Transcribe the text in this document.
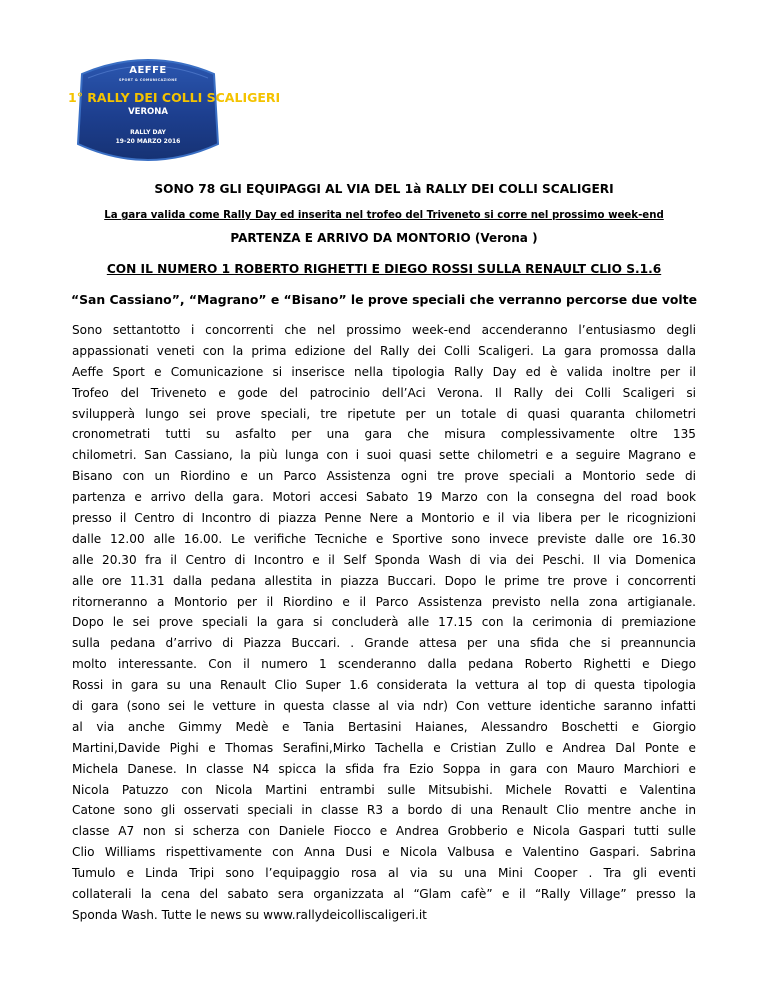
AEFFE
SPORT & COMUNICAZIONE
1° RALLY DEI COLLI SCALIGERI
VERONA
RALLY DAY
19-20 MARZO 2016
SONO 78 GLI EQUIPAGGI AL VIA DEL 1à RALLY DEI COLLI SCALIGERI
La gara valida come Rally Day ed inserita nel trofeo del Triveneto si corre nel prossimo week-end
PARTENZA E ARRIVO DA MONTORIO (Verona )
CON IL NUMERO 1 ROBERTO RIGHETTI E DIEGO ROSSI SULLA RENAULT CLIO S.1.6
“San Cassiano”, “Magrano” e “Bisano” le prove speciali che verranno percorse due volte
Sono settantotto i concorrenti che nel prossimo week-end accenderanno l’entusiasmo degli
appassionati veneti con la prima edizione del Rally dei Colli Scaligeri. La gara promossa dalla
Aeffe Sport e Comunicazione si inserisce nella tipologia Rally Day ed è valida inoltre per il
Trofeo del Triveneto e gode del patrocinio dell’Aci Verona. Il Rally dei Colli Scaligeri si
svilupperà lungo sei prove speciali, tre ripetute per un totale di quasi quaranta chilometri
cronometrati tutti su asfalto per una gara che misura complessivamente oltre 135
chilometri. San Cassiano, la più lunga con i suoi quasi sette chilometri e a seguire Magrano e
Bisano con un Riordino e un Parco Assistenza ogni tre prove speciali a Montorio sede di
partenza e arrivo della gara. Motori accesi Sabato 19 Marzo con la consegna del road book
presso il Centro di Incontro di piazza Penne Nere a Montorio e il via libera per le ricognizioni
dalle 12.00 alle 16.00. Le verifiche Tecniche e Sportive sono invece previste dalle ore 16.30
alle 20.30 fra il Centro di Incontro e il Self Sponda Wash di via dei Peschi. Il via Domenica
alle ore 11.31 dalla pedana allestita in piazza Buccari. Dopo le prime tre prove i concorrenti
ritorneranno a Montorio per il Riordino e il Parco Assistenza previsto nella zona artigianale.
Dopo le sei prove speciali la gara si concluderà alle 17.15 con la cerimonia di premiazione
sulla pedana d’arrivo di Piazza Buccari. . Grande attesa per una sfida che si preannuncia
molto interessante. Con il numero 1 scenderanno dalla pedana Roberto Righetti e Diego
Rossi in gara su una Renault Clio Super 1.6 considerata la vettura al top di questa tipologia
di gara (sono sei le vetture in questa classe al via ndr) Con vetture identiche saranno infatti
al via anche Gimmy Medè e Tania Bertasini Haianes, Alessandro Boschetti e Giorgio
Martini,Davide Pighi e Thomas Serafini,Mirko Tachella e Cristian Zullo e Andrea Dal Ponte e
Michela Danese. In classe N4 spicca la sfida fra Ezio Soppa in gara con Mauro Marchiori e
Nicola Patuzzo con Nicola Martini entrambi sulle Mitsubishi. Michele Rovatti e Valentina
Catone sono gli osservati speciali in classe R3 a bordo di una Renault Clio mentre anche in
classe A7 non si scherza con Daniele Fiocco e Andrea Grobberio e Nicola Gaspari tutti sulle
Clio Williams rispettivamente con Anna Dusi e Nicola Valbusa e Valentino Gaspari. Sabrina
Tumulo e Linda Tripi sono l’equipaggio rosa al via su una Mini Cooper . Tra gli eventi
collaterali la cena del sabato sera organizzata al “Glam cafè” e il “Rally Village” presso la
Sponda Wash. Tutte le news su www.rallydeicolliscaligeri.it
